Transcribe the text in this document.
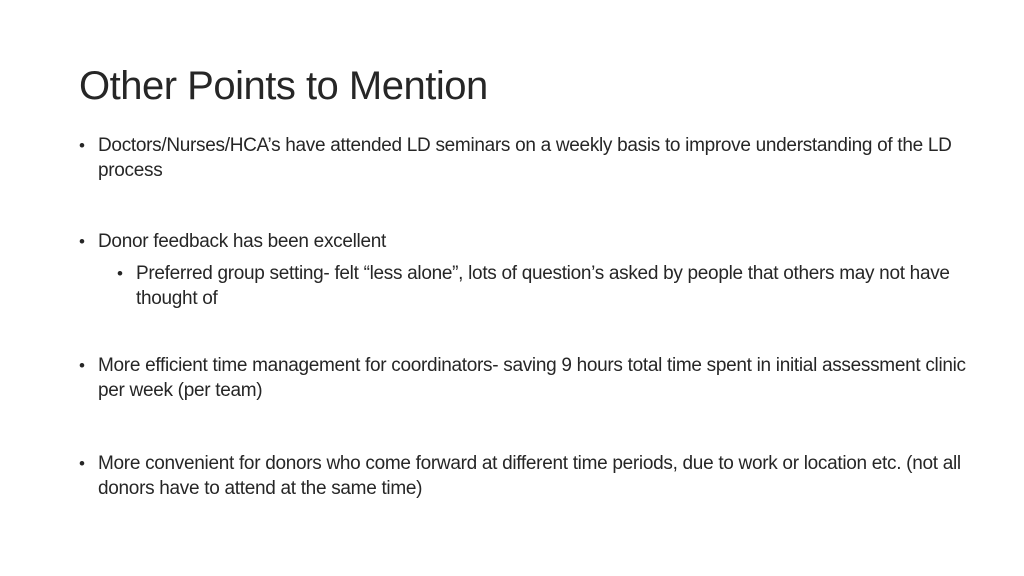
Other Points to Mention
• Doctors/Nurses/HCA’s have attended LD seminars on a weekly basis to improve understanding of the LD process
• Donor feedback has been excellent
• Preferred group setting- felt “less alone”, lots of question’s asked by people that others may not have thought of
• More efficient time management for coordinators- saving 9 hours total time spent in initial assessment clinic per week (per team)
• More convenient for donors who come forward at different time periods, due to work or location etc. (not all donors have to attend at the same time)
